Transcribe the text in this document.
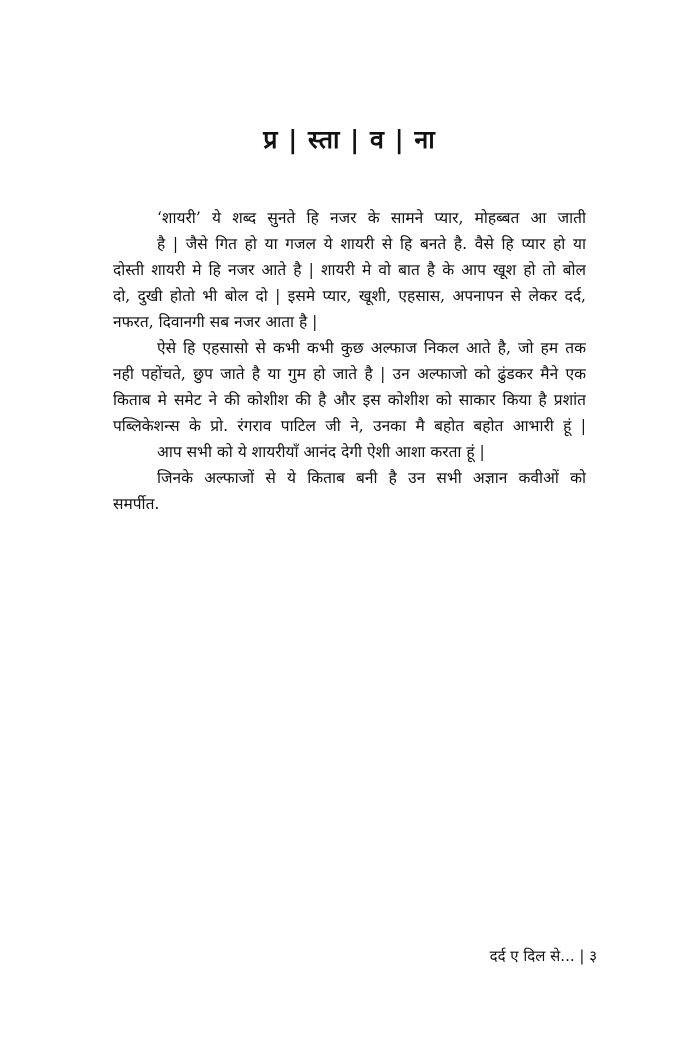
प्र | स्ता | व | ना
‘शायरी’ ये शब्द सुनते हि नजर के सामने प्यार, मोहब्बत आ जाती
है | जैसे गित हो या गजल ये शायरी से हि बनते है. वैसे हि प्यार हो या
दोस्ती शायरी मे हि नजर आते है | शायरी मे वो बात है के आप खूश हो तो बोल
दो, दुखी होतो भी बोल दो | इसमे प्यार, खूशी, एहसास, अपनापन से लेकर दर्द,
नफरत, दिवानगी सब नजर आता है |
ऐसे हि एहसासो से कभी कभी कुछ अल्फाज निकल आते है, जो हम तक
नही पहोंचते, छुप जाते है या गुम हो जाते है | उन अल्फाजो को ढुंडकर मैने एक
किताब मे समेट ने की कोशीश की है और इस कोशीश को साकार किया है प्रशांत
पब्लिकेशन्स के प्रो. रंगराव पाटिल जी ने, उनका मै बहोत बहोत आभारी हूं |
आप सभी को ये शायरीयाँ आनंद देगी ऐशी आशा करता हूं |
जिनके अल्फाजों से ये किताब बनी है उन सभी अज्ञान कवीओं को
समर्पीत.
दर्द ए दिल से... | ३
